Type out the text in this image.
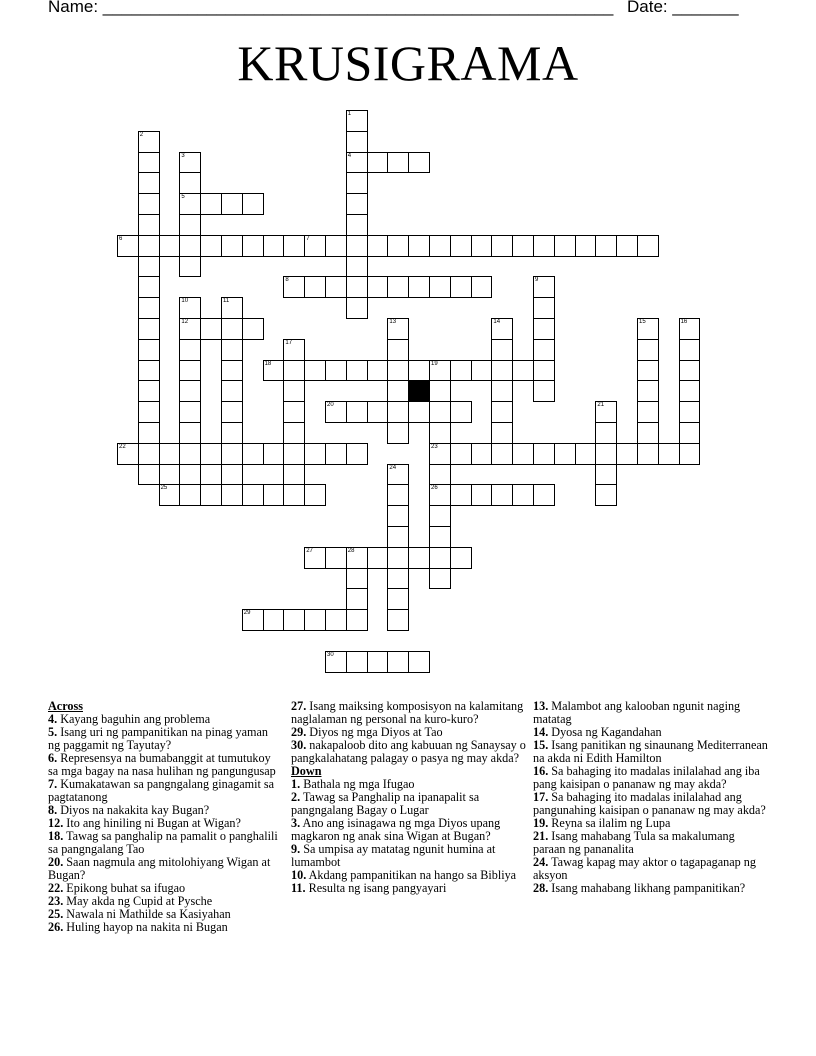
Name: ______________________________________________________ Date: _______
KRUSIGRAMA
1
2
3	4
5
6	7
8	9
10	11
12	13	14	15	16
17
18	19
20	21
22	23
24
25	26
27	28
29
30

Across

4. Kayang baguhin ang problema

5. Isang uri ng pampanitikan na pinag yaman ng paggamit ng Tayutay?

6. Represensya na bumabanggit at tumutukoy sa mga bagay na nasa hulihan ng pangungusap

7. Kumakatawan sa pangngalang ginagamit sa pagtatanong

8. Diyos na nakakita kay Bugan?

12. Ito ang hiniling ni Bugan at Wigan?

18. Tawag sa panghalip na pamalit o panghalili sa pangngalang Tao

20. Saan nagmula ang mitolohiyang Wigan at Bugan?

22. Epikong buhat sa ifugao

23. May akda ng Cupid at Pysche

25. Nawala ni Mathilde sa Kasiyahan

26. Huling hayop na nakita ni Bugan

27. Isang maiksing komposisyon na kalamitang naglalaman ng personal na kuro-kuro?

29. Diyos ng mga Diyos at Tao

30. nakapaloob dito ang kabuuan ng Sanaysay o pangkalahatang palagay o pasya ng may akda?

Down

1. Bathala ng mga Ifugao

2. Tawag sa Panghalip na ipanapalit sa pangngalang Bagay o Lugar

3. Ano ang isinagawa ng mga Diyos upang magkaron ng anak sina Wigan at Bugan?

9. Sa umpisa ay matatag ngunit humina at lumambot

10. Akdang pampanitikan na hango sa Bibliya

11. Resulta ng isang pangyayari

13. Malambot ang kalooban ngunit naging matatag

14. Dyosa ng Kagandahan

15. Isang panitikan ng sinaunang Mediterranean na akda ni Edith Hamilton

16. Sa bahaging ito madalas inilalahad ang iba pang kaisipan o pananaw ng may akda?

17. Sa bahaging ito madalas inilalahad ang pangunahing kaisipan o pananaw ng may akda?

19. Reyna sa ilalim ng Lupa

21. Isang mahabang Tula sa makalumang paraan ng pananalita

24. Tawag kapag may aktor o tagapaganap ng aksyon

28. Isang mahabang likhang pampanitikan?
